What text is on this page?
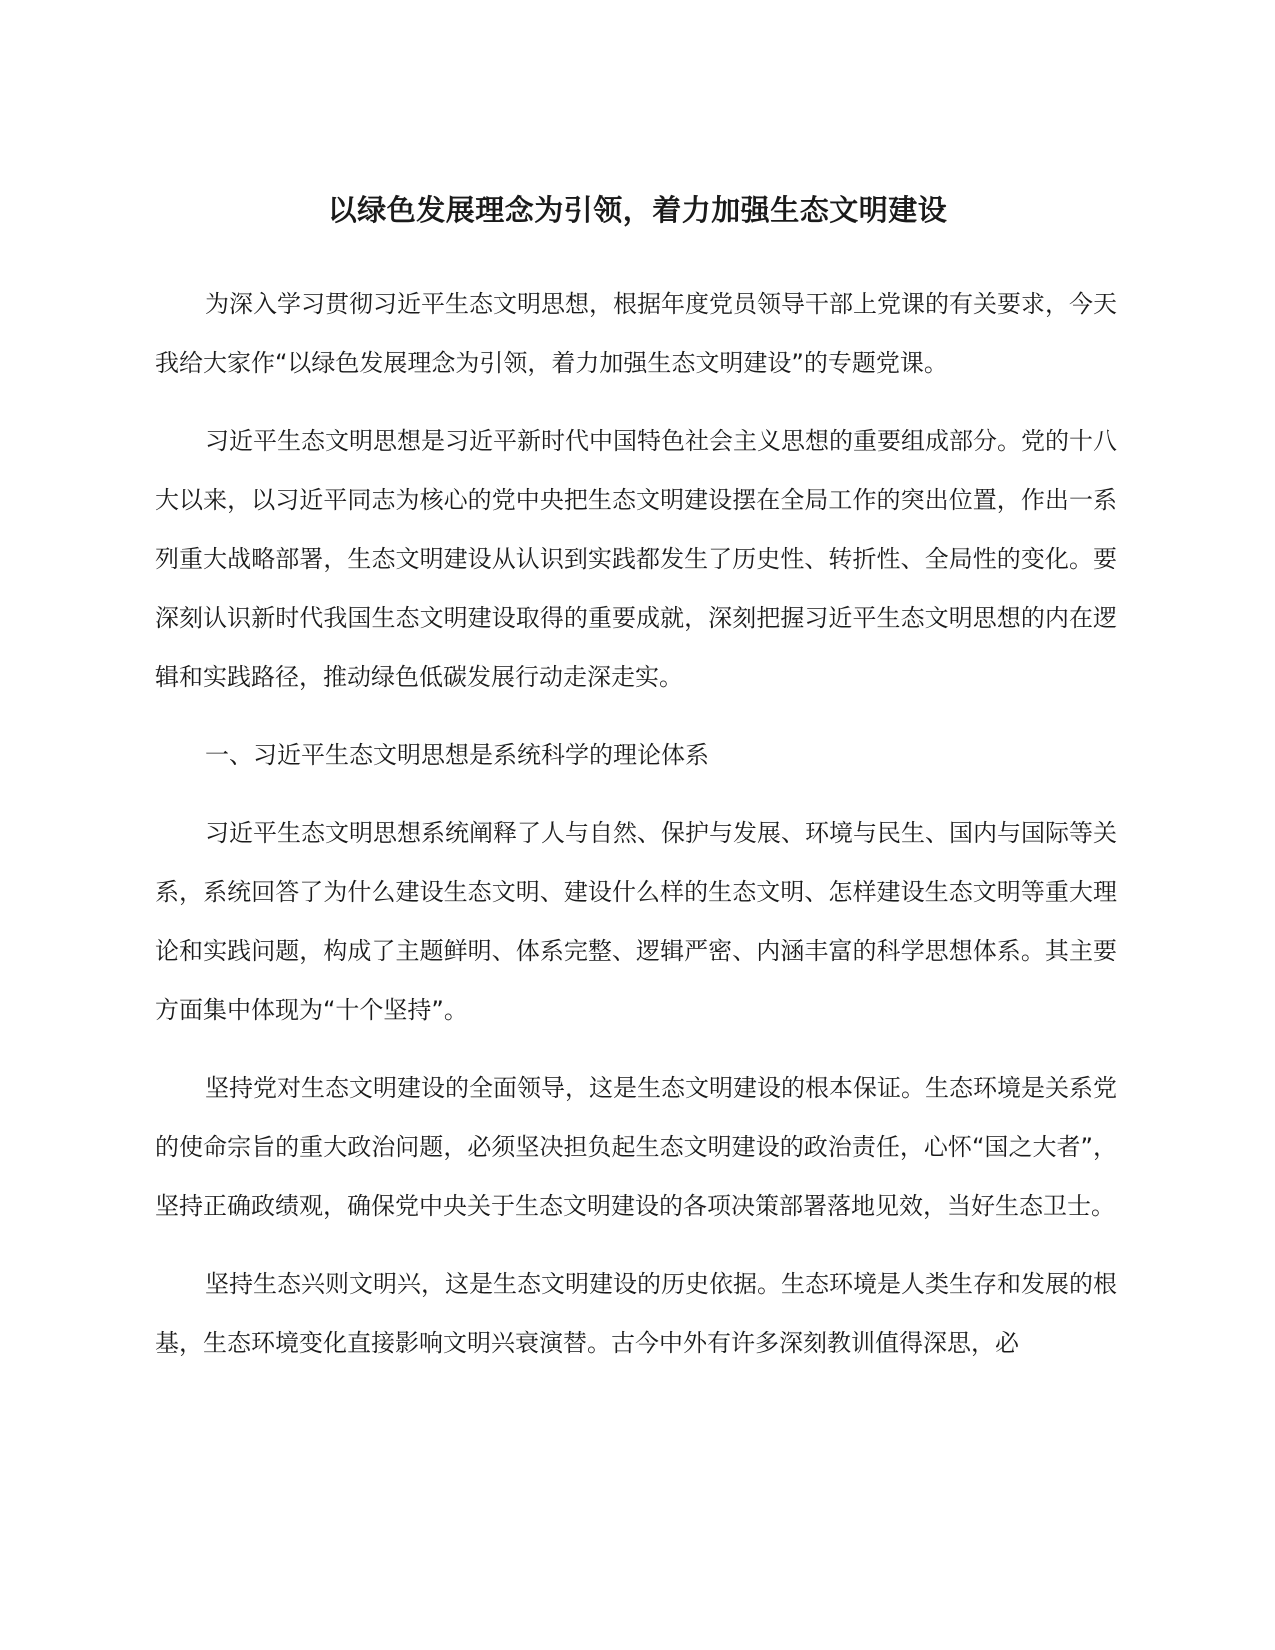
以绿色发展理念为引领，着力加强生态文明建设

为深入学习贯彻习近平生态文明思想，根据年度党员领导干部上党课的有关要求，今天我给大家作“以绿色发展理念为引领，着力加强生态文明建设”的专题党课。

习近平生态文明思想是习近平新时代中国特色社会主义思想的重要组成部分。党的十八大以来，以习近平同志为核心的党中央把生态文明建设摆在全局工作的突出位置，作出一系列重大战略部署，生态文明建设从认识到实践都发生了历史性、转折性、全局性的变化。要深刻认识新时代我国生态文明建设取得的重要成就，深刻把握习近平生态文明思想的内在逻辑和实践路径，推动绿色低碳发展行动走深走实。

一、习近平生态文明思想是系统科学的理论体系

习近平生态文明思想系统阐释了人与自然、保护与发展、环境与民生、国内与国际等关系，系统回答了为什么建设生态文明、建设什么样的生态文明、怎样建设生态文明等重大理论和实践问题，构成了主题鲜明、体系完整、逻辑严密、内涵丰富的科学思想体系。其主要方面集中体现为“十个坚持”。

坚持党对生态文明建设的全面领导，这是生态文明建设的根本保证。生态环境是关系党的使命宗旨的重大政治问题，必须坚决担负起生态文明建设的政治责任，心怀“国之大者”，坚持正确政绩观，确保党中央关于生态文明建设的各项决策部署落地见效，当好生态卫士。

坚持生态兴则文明兴，这是生态文明建设的历史依据。生态环境是人类生存和发展的根基，生态环境变化直接影响文明兴衰演替。古今中外有许多深刻教训值得深思，必
